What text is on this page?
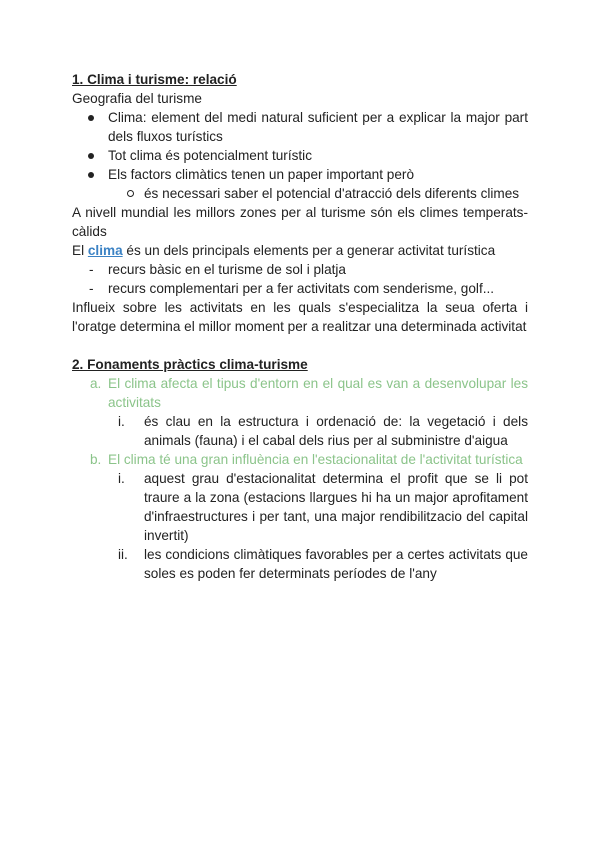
1. Clima i turisme: relació

Geografia del turisme

Clima: element del medi natural suficient per a explicar la major part dels fluxos turístics
Tot clima és potencialment turístic
Els factors climàtics tenen un paper important però
és necessari saber el potencial d'atracció dels diferents climes

A nivell mundial les millors zones per al turisme són els climes temperats-càlids

El clima és un dels principals elements per a generar activitat turística

- recurs bàsic en el turisme de sol i platja
- recurs complementari per a fer activitats com senderisme, golf...

Influeix sobre les activitats en les quals s'especialitza la seua oferta i l'oratge determina el millor moment per a realitzar una determinada activitat

2. Fonaments pràctics clima-turisme

a. El clima afecta el tipus d'entorn en el qual es van a desenvolupar les activitats
i. és clau en la estructura i ordenació de: la vegetació i dels animals (fauna) i el cabal dels rius per al subministre d'aigua
b. El clima té una gran influència en l'estacionalitat de l'activitat turística
i. aquest grau d'estacionalitat determina el profit que se li pot traure a la zona (estacions llargues hi ha un major aprofitament d'infraestructures i per tant, una major rendibilitzacio del capital invertit)
ii. les condicions climàtiques favorables per a certes activitats que soles es poden fer determinats períodes de l'any
